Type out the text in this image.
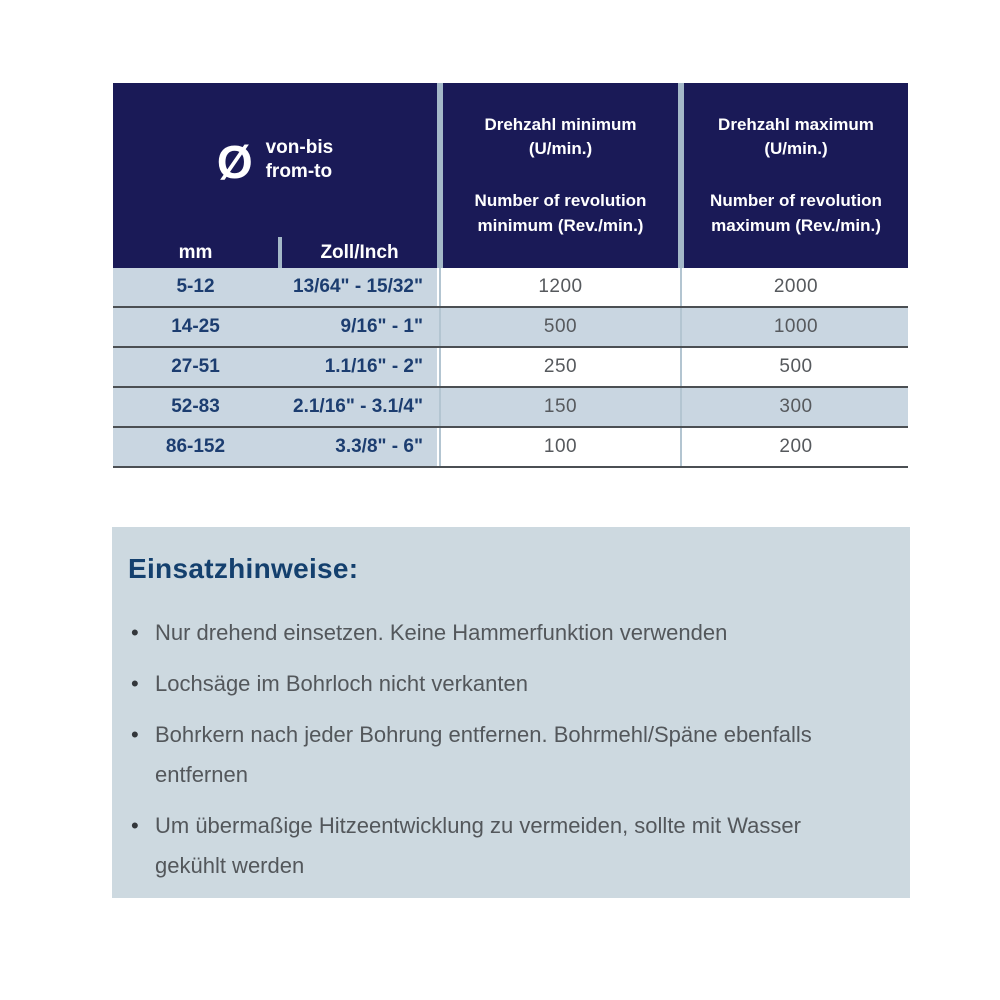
Ø von-bis
from-to
Drehzahl minimum
(U/min.)
Number of revolution
minimum (Rev./min.)
Drehzahl maximum
(U/min.)
Number of revolution
maximum (Rev./min.)
mm	Zoll/Inch
5-12	13/64" - 15/32"	1200	2000
14-25	9/16" - 1"	500	1000
27-51	1.1/16" - 2"	250	500
52-83	2.1/16" - 3.1/4"	150	300
86-152	3.3/8" - 6"	100	200
Einsatzhinweise:
• Nur drehend einsetzen. Keine Hammerfunktion verwenden
• Lochsäge im Bohrloch nicht verkanten
• Bohrkern nach jeder Bohrung entfernen. Bohrmehl/Späne ebenfalls entfernen
• Um übermaßige Hitzeentwicklung zu vermeiden, sollte mit Wasser gekühlt werden
